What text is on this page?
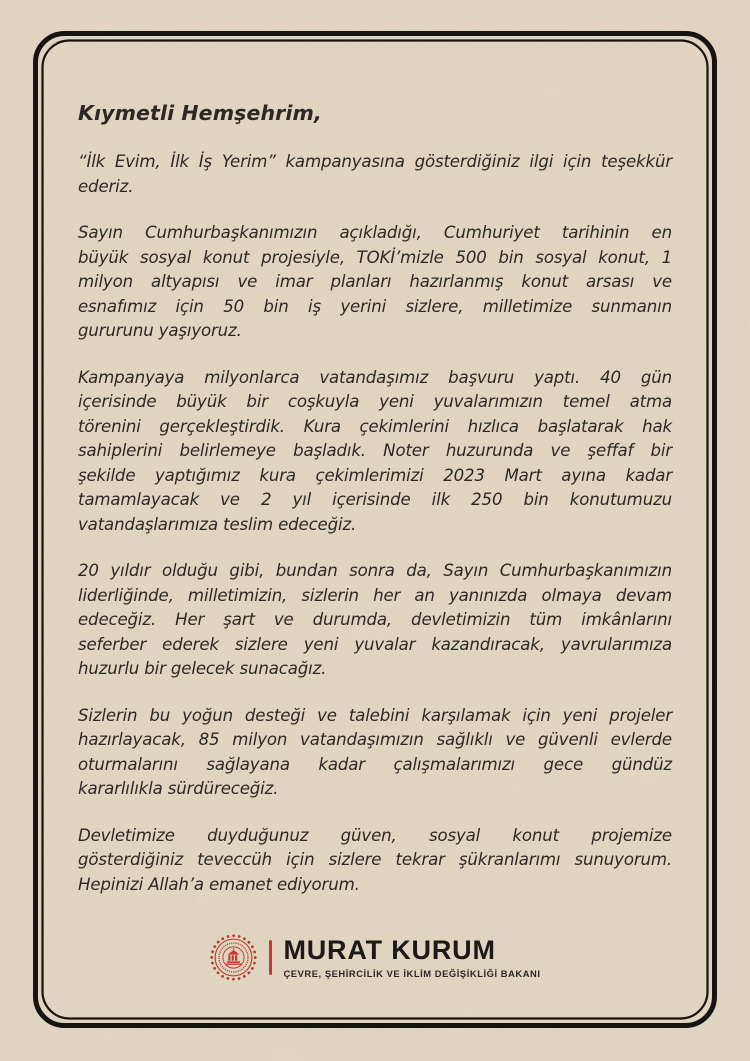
Kıymetli Hemşehrim,
“İlk Evim, İlk İş Yerim” kampanyasına gösterdiğiniz ilgi için teşekkür
ederiz.
Sayın Cumhurbaşkanımızın açıkladığı, Cumhuriyet tarihinin en
büyük sosyal konut projesiyle, TOKİ’mizle 500 bin sosyal konut, 1
milyon altyapısı ve imar planları hazırlanmış konut arsası ve
esnafımız için 50 bin iş yerini sizlere, milletimize sunmanın
gururunu yaşıyoruz.
Kampanyaya milyonlarca vatandaşımız başvuru yaptı. 40 gün
içerisinde büyük bir coşkuyla yeni yuvalarımızın temel atma
törenini gerçekleştirdik. Kura çekimlerini hızlıca başlatarak hak
sahiplerini belirlemeye başladık. Noter huzurunda ve şeffaf bir
şekilde yaptığımız kura çekimlerimizi 2023 Mart ayına kadar
tamamlayacak ve 2 yıl içerisinde ilk 250 bin konutumuzu
vatandaşlarımıza teslim edeceğiz.
20 yıldır olduğu gibi, bundan sonra da, Sayın Cumhurbaşkanımızın
liderliğinde, milletimizin, sizlerin her an yanınızda olmaya devam
edeceğiz. Her şart ve durumda, devletimizin tüm imkânlarını
seferber ederek sizlere yeni yuvalar kazandıracak, yavrularımıza
huzurlu bir gelecek sunacağız.
Sizlerin bu yoğun desteği ve talebini karşılamak için yeni projeler
hazırlayacak, 85 milyon vatandaşımızın sağlıklı ve güvenli evlerde
oturmalarını sağlayana kadar çalışmalarımızı gece gündüz
kararlılıkla sürdüreceğiz.
Devletimize duyduğunuz güven, sosyal konut projemize
gösterdiğiniz teveccüh için sizlere tekrar şükranlarımı sunuyorum.
Hepinizi Allah’a emanet ediyorum.
MURAT KURUM
ÇEVRE, ŞEHİRCİLİK VE İKLİM DEĞİŞİKLİĞİ BAKANI
